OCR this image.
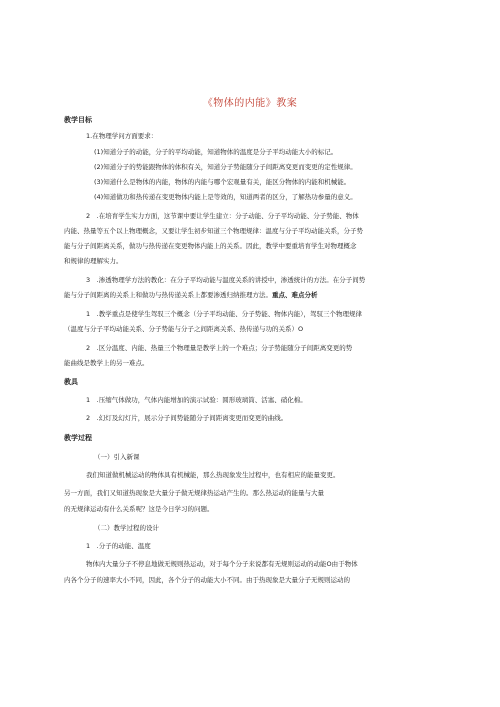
《物体的内能》教案
教学目标
1.在物理学问方面要求：
(1)知道分子的动能，分子的平均动能，知道物体的温度是分子平均动能大小的标记。
(2)知道分子的势能跟物体的体积有关，知道分子势能随分子间距离变更而变更的定性规律。
(3)知道什么是物体的内能，物体的内能与哪个宏观量有关，能区分物体的内能和机械能。
(4)知道做功和热传递在变更物体内能上是等效的，知道两者的区分，了解热功参量的意义。
2　.在培育学生实力方面，这节课中要让学生建立：分子动能、分子平均动能、分子势能、物体
内能、热量等五个以上物理概念，又要让学生初步知道三个物理规律：温度与分子平均动能关系，分子势
能与分子间距离关系，做功与热传递在变更物体内能上的关系。因此，教学中要重培育学生对物理概念
和规律的理解实力。
3　.渗透物理学方法的教化：在分子平均动能与温度关系的讲授中，渗透统计的方法。在分子间势
能与分子间距离的关系上和做功与热传递关系上都要渗透归纳推理方法。重点、难点分析
1　.教学重点是使学生驾驭三个概念（分子平均动能、分子势能、物体内能），驾驭三个物理规律
（温度与分子平均动能关系、分子势能与分子之间距离关系、热传递与功的关系）O
2　.区分温度、内能、热量三个物理量是教学上的一个难点；分子势能随分子间距离变更的势
能曲线是教学上的另一难点。
教具
1　.压缩气体做功，气体内能增加的演示试验：圆形玻璃筒、活塞、硝化棉。
2　.幻灯及幻灯片，展示分子间势能随分子间距离变更而变更的曲线。
教学过程
（一）引入新课
我们知道做机械运动的物体具有机械能，那么热现象发生过程中，也有相应的能量变更。
另一方面，我们又知道热现象是大量分子做无规律热运动产生的。那么热运动的能量与大量
的无规律运动有什么关系呢？这是今日学习的问题。
（二）教学过程的设计
1　.分子的动能、温度
物体内大量分子不停息地做无规则热运动，对于每个分子来说都有无规则运动的动能O由于物体
内各个分子的速率大小不同，因此，各个分子的动能大小不同。由于热现象是大量分子无规则运动的
